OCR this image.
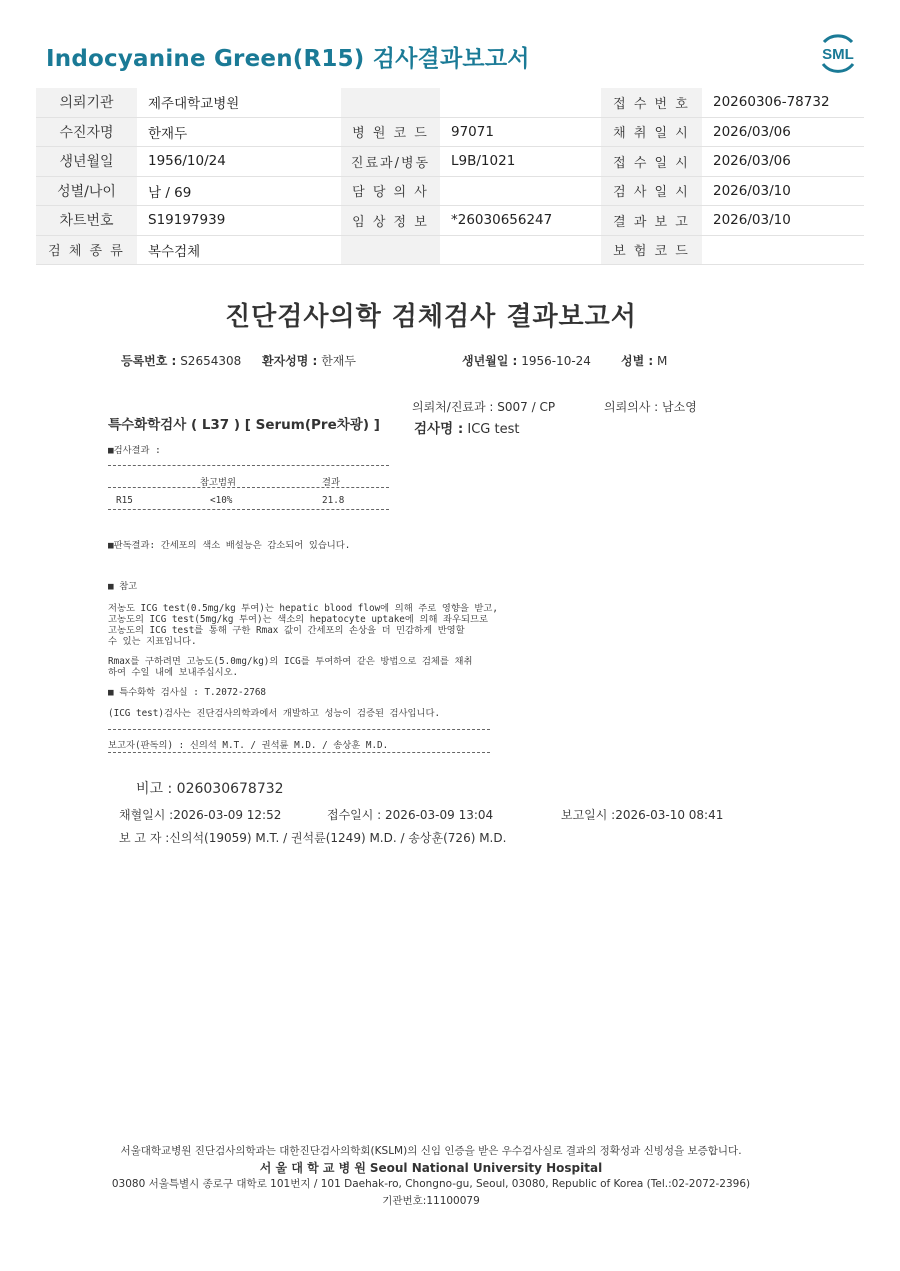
Indocyanine Green(R15) 검사결과보고서	SML
의뢰기관	제주대학교병원			접 수 번 호	20260306-78732
수진자명	한재두	병 원 코 드	97071	채 취 일 시	2026/03/06
생년월일	1956/10/24	진료과/병동	L9B/1021	접 수 일 시	2026/03/06
성별/나이	남 / 69	담 당 의 사		검 사 일 시	2026/03/10
차트번호	S19197939	임 상 정 보	*26030656247	결 과 보 고	2026/03/10
검 체 종 류	복수검체			보 험 코 드	
진단검사의학 검체검사 결과보고서
등록번호 : S2654308 환자성명 : 한재두	생년월일 : 1956-10-24	성별 : M
의뢰처/진료과 : S007 / CP	의뢰의사 : 남소영
특수화학검사 ( L37 ) [ Serum(Pre차광) ]	검사명 : ICG test
■검사결과 :
참고범위	결과
R15	<10%	21.8
■판독결과: 간세포의 색소 배설능은 감소되어 있습니다.
■ 참고
저농도 ICG test(0.5mg/kg 투여)는 hepatic blood flow에 의해 주로 영향을 받고,
고농도의 ICG test(5mg/kg 투여)는 색소의 hepatocyte uptake에 의해 좌우되므로
고농도의 ICG test를 통해 구한 Rmax 값이 간세포의 손상을 더 민감하게 반영할
수 있는 지표입니다.
Rmax를 구하려면 고농도(5.0mg/kg)의 ICG를 투여하여 같은 방법으로 검체를 채취
하여 수일 내에 보내주십시오.
■ 특수화학 검사실 : T.2072-2768
(ICG test)검사는 진단검사의학과에서 개발하고 성능이 검증된 검사입니다.
보고자(판독의) : 신의석 M.T. / 권석륜 M.D. / 송상훈 M.D.
비고 : 026030678732
채혈일시 :2026-03-09 12:52	접수일시 : 2026-03-09 13:04	보고일시 :2026-03-10 08:41
보 고 자 :신의석(19059) M.T. / 권석륜(1249) M.D. / 송상훈(726) M.D.
서울대학교병원 진단검사의학과는 대한진단검사의학회(KSLM)의 신임 인증을 받은 우수검사실로 결과의 정확성과 신빙성을 보증합니다.
서 울 대 학 교 병 원 Seoul National University Hospital
03080 서울특별시 종로구 대학로 101번지 / 101 Daehak-ro, Chongno-gu, Seoul, 03080, Republic of Korea (Tel.:02-2072-2396)
기관번호:11100079
